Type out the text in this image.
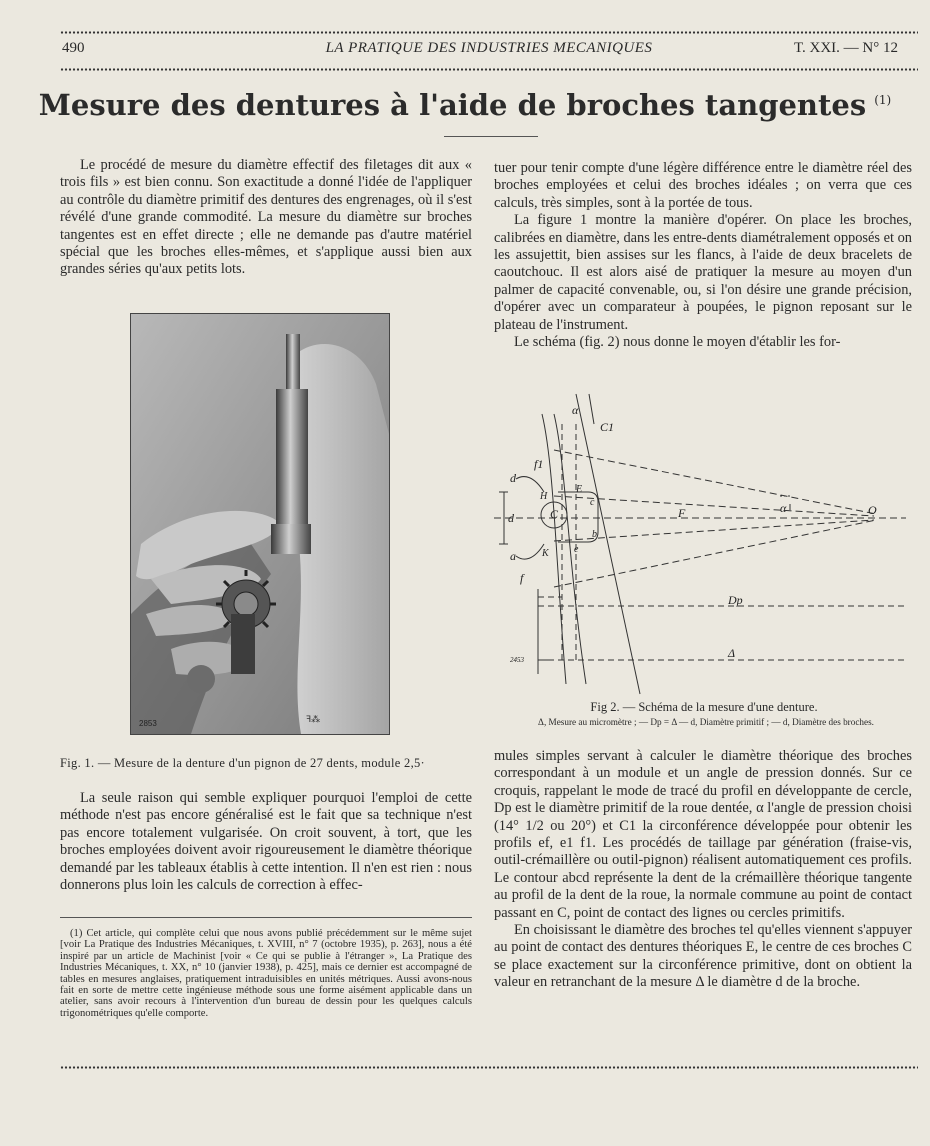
490	LA PRATIQUE DES INDUSTRIES MECANIQUES	T. XXI. — N° 12
Mesure des dentures à l'aide de broches tangentes $^{(1)}$

Le procédé de mesure du diamètre effectif des filetages dit aux « trois fils » est bien connu. Son exactitude a donné l'idée de l'appliquer au contrôle du diamètre primitif des dentures des engrenages, où il s'est révélé d'une grande commodité. La mesure du diamètre sur broches tangentes est en effet directe ; elle ne demande pas d'autre matériel spécial que les broches elles-mêmes, et s'applique aussi bien aux grandes séries qu'aux petits lots.

2853	ꟻ⁂
Fig. 1. — Mesure de la denture d'un pignon de 27 dents, module 2,5·

La seule raison qui semble expliquer pourquoi l'emploi de cette méthode n'est pas encore généralisé est le fait que sa technique n'est pas encore totalement vulgarisée. On croit souvent, à tort, que les broches employées doivent avoir rigoureusement le diamètre théorique demandé par les tableaux établis à cette intention. Il n'en est rien : nous donnerons plus loin les calculs de correction à effec-

(1) Cet article, qui complète celui que nous avons publié précédemment sur le même sujet [voir La Pratique des Industries Mécaniques, t. XVIII, n° 7 (octobre 1935), p. 263], nous a été inspiré par un article de Machinist [voir « Ce qui se publie à l'étranger », La Pratique des Industries Mécaniques, t. XX, n° 10 (janvier 1938), p. 425], mais ce dernier est accompagné de tables en mesures anglaises, pratiquement intraduisibles en unités métriques. Aussi avons-nous fait en sorte de mettre cette ingénieuse méthode sous une forme aisément applicable dans un atelier, sans avoir recours à l'intervention d'un bureau de dessin pour les quelques calculs trigonométriques qu'elle comporte.

tuer pour tenir compte d'une légère différence entre le diamètre réel des broches employées et celui des broches idéales ; on verra que ces calculs, très simples, sont à la portée de tous.

La figure 1 montre la manière d'opérer. On place les broches, calibrées en diamètre, dans les entre-dents diamétralement opposés et on les assujettit, bien assises sur les flancs, à l'aide de deux bracelets de caoutchouc. Il est alors aisé de pratiquer la mesure au moyen d'un palmer de capacité convenable, ou, si l'on désire une grande précision, d'opérer avec un comparateur à poupées, le pignon reposant sur le plateau de l'instrument.

Le schéma (fig. 2) nous donne le moyen d'établir les for-

α
C1
d
f1
H
E
c
d	C	F	α	O
b
a	K	e
f
Dp
Δ
2453
Fig 2. — Schéma de la mesure d'une denture.
Δ, Mesure au micromètre ; — Dp = Δ — d, Diamètre primitif ; — d, Diamètre des broches.

mules simples servant à calculer le diamètre théorique des broches correspondant à un module et un angle de pression donnés. Sur ce croquis, rappelant le mode de tracé du profil en développante de cercle, Dp est le diamètre primitif de la roue dentée, α l'angle de pression choisi (14° 1/2 ou 20°) et C1 la circonférence développée pour obtenir les profils ef, e1 f1. Les procédés de taillage par génération (fraise-vis, outil-crémaillère ou outil-pignon) réalisent automatiquement ces profils. Le contour abcd représente la dent de la crémaillère théorique tangente au profil de la dent de la roue, la normale commune au point de contact passant en C, point de contact des lignes ou cercles primitifs.

En choisissant le diamètre des broches tel qu'elles viennent s'appuyer au point de contact des dentures théoriques E, le centre de ces broches C se place exactement sur la circonférence primitive, dont on obtient la valeur en retranchant de la mesure Δ le diamètre d de la broche.
